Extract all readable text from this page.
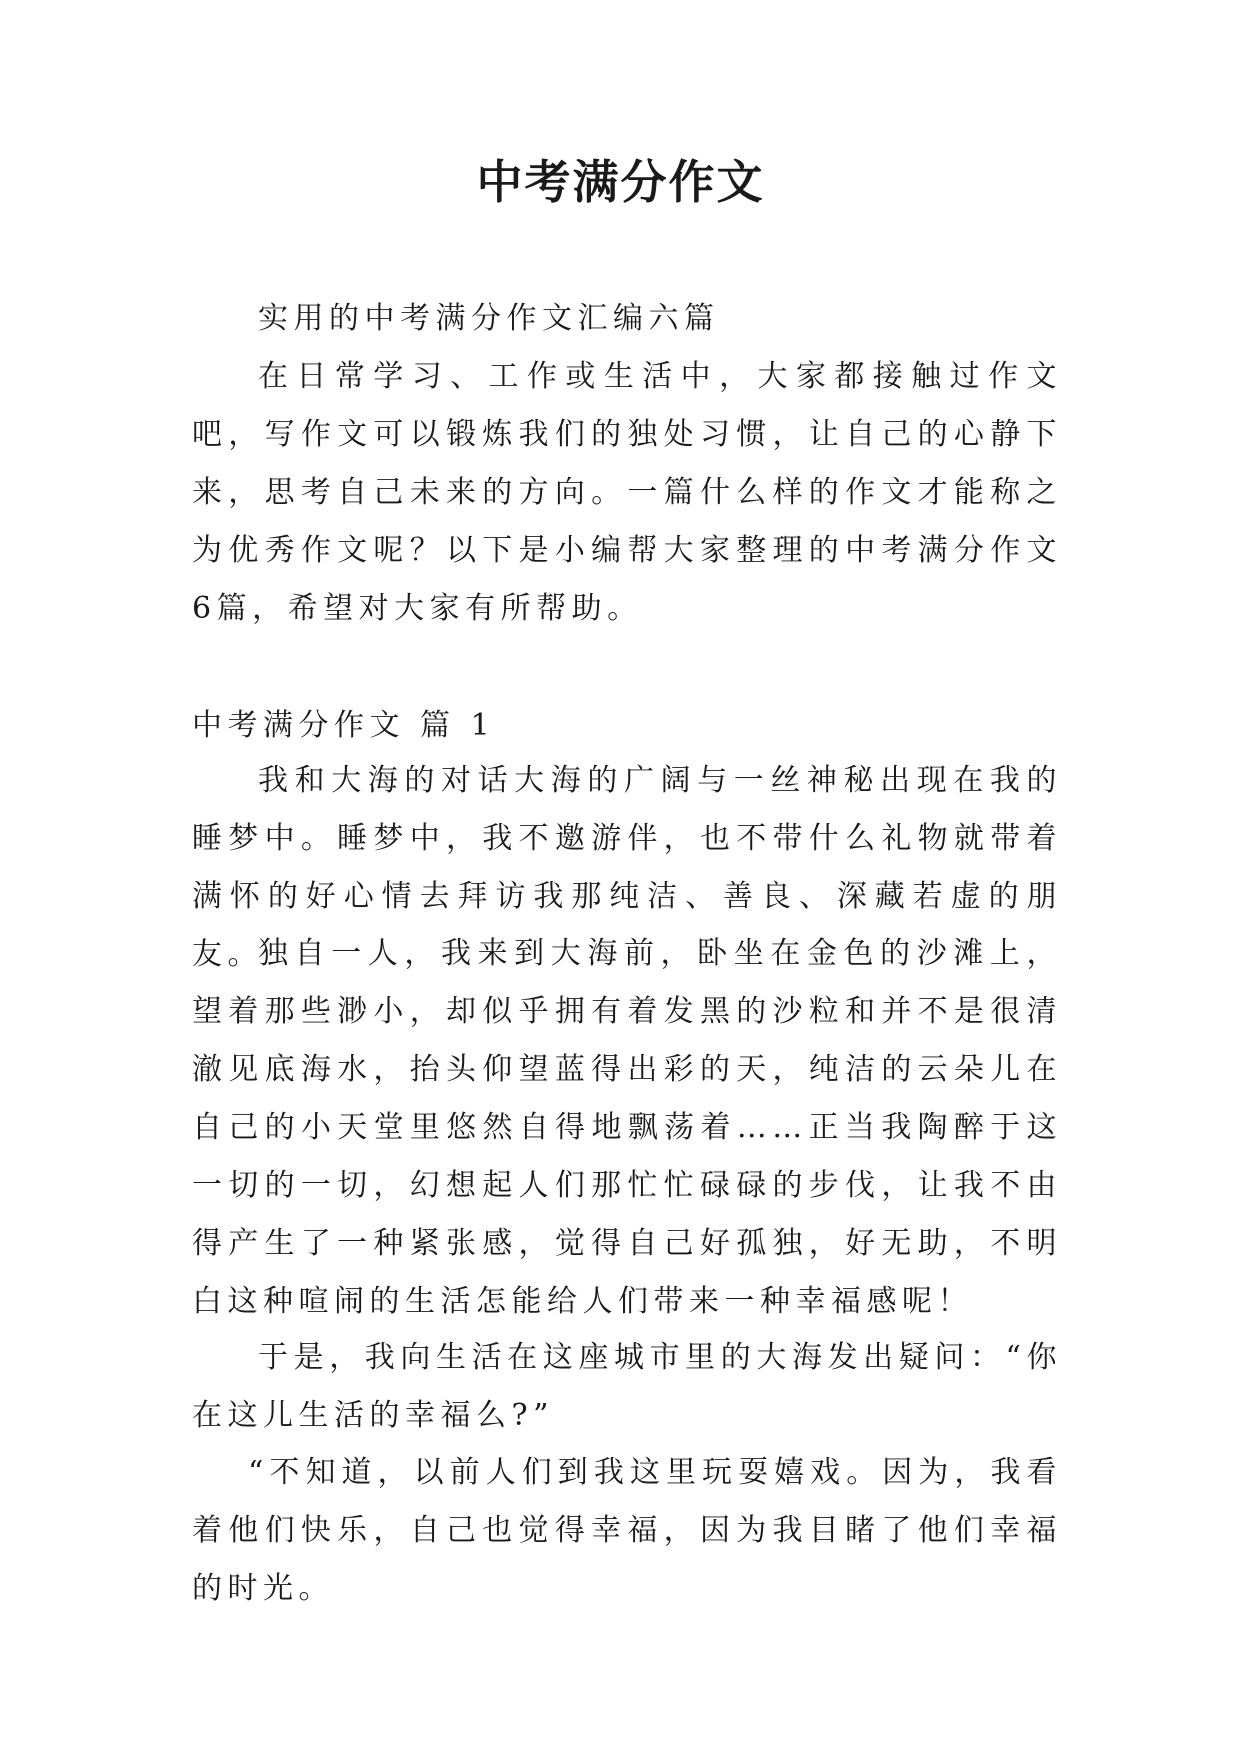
中考满分作文

实用的中考满分作文汇编六篇

在日常学习、工作或生活中，大家都接触过作文吧，写作文可以锻炼我们的独处习惯，让自己的心静下来，思考自己未来的方向。一篇什么样的作文才能称之为优秀作文呢？以下是小编帮大家整理的中考满分作文6篇，希望对大家有所帮助。

中考满分作文 篇 1

我和大海的对话大海的广阔与一丝神秘出现在我的睡梦中。睡梦中，我不邀游伴，也不带什么礼物就带着满怀的好心情去拜访我那纯洁、善良、深藏若虚的朋友。

独自一人，我来到大海前，卧坐在金色的沙滩上，望着那些渺小，却似乎拥有着发黑的沙粒和并不是很清澈见底海水，抬头仰望蓝得出彩的天，纯洁的云朵儿在自己的小天堂里悠然自得地飘荡着……正当我陶醉于这一切的一切，幻想起人们那忙忙碌碌的步伐，让我不由得产生了一种紧张感，觉得自己好孤独，好无助，不明白这种喧闹的生活怎能给人们带来一种幸福感呢！

于是，我向生活在这座城市里的大海发出疑问：“你在这儿生活的幸福么?”

“不知道，以前人们到我这里玩耍嬉戏。因为，我看着他们快乐，自己也觉得幸福，因为我目睹了他们幸福的时光。
